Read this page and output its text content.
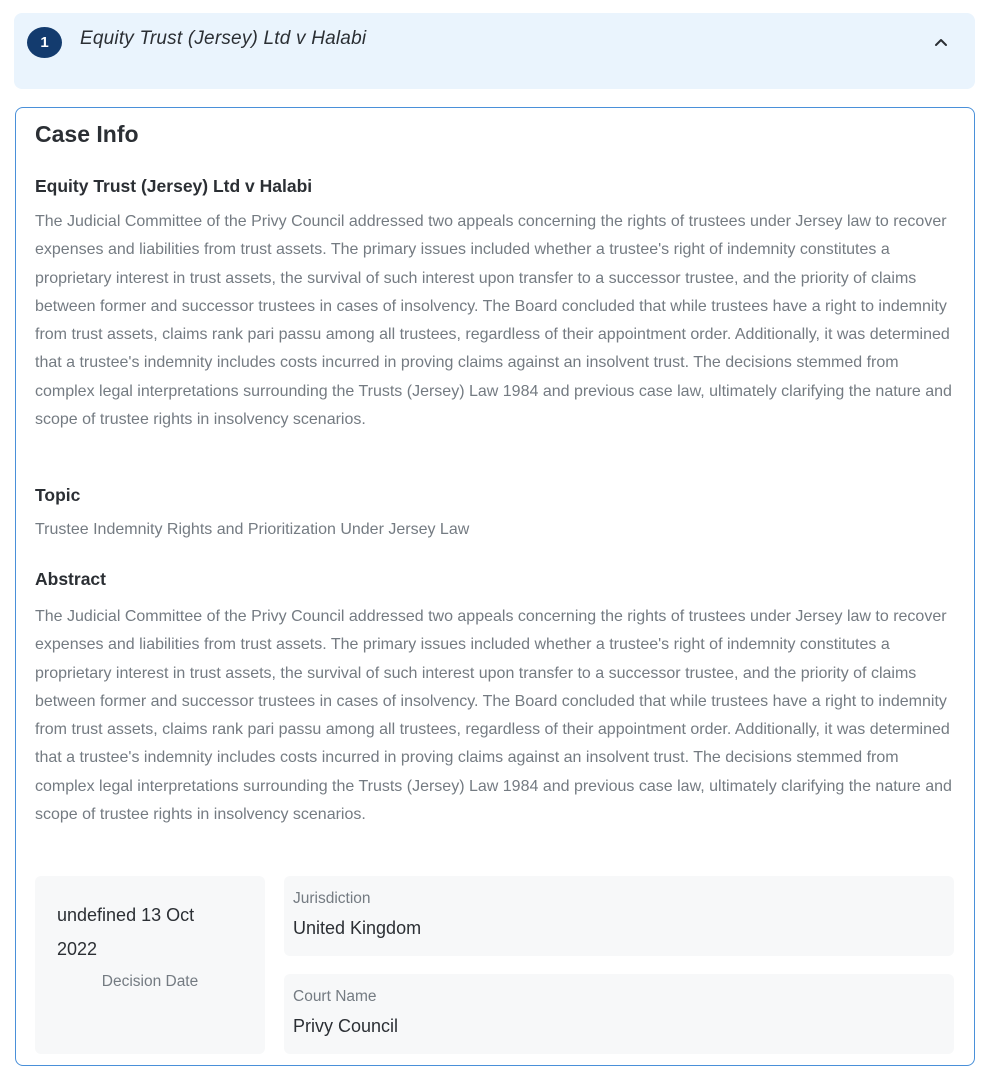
1	Equity Trust (Jersey) Ltd v Halabi
Case Info
Equity Trust (Jersey) Ltd v Halabi
The Judicial Committee of the Privy Council addressed two appeals concerning the rights of trustees under Jersey law to recover expenses and liabilities from trust assets. The primary issues included whether a trustee's right of indemnity constitutes a proprietary interest in trust assets, the survival of such interest upon transfer to a successor trustee, and the priority of claims between former and successor trustees in cases of insolvency. The Board concluded that while trustees have a right to indemnity from trust assets, claims rank pari passu among all trustees, regardless of their appointment order. Additionally, it was determined that a trustee's indemnity includes costs incurred in proving claims against an insolvent trust. The decisions stemmed from complex legal interpretations surrounding the Trusts (Jersey) Law 1984 and previous case law, ultimately clarifying the nature and scope of trustee rights in insolvency scenarios.
Topic
Trustee Indemnity Rights and Prioritization Under Jersey Law
Abstract
The Judicial Committee of the Privy Council addressed two appeals concerning the rights of trustees under Jersey law to recover expenses and liabilities from trust assets. The primary issues included whether a trustee's right of indemnity constitutes a proprietary interest in trust assets, the survival of such interest upon transfer to a successor trustee, and the priority of claims between former and successor trustees in cases of insolvency. The Board concluded that while trustees have a right to indemnity from trust assets, claims rank pari passu among all trustees, regardless of their appointment order. Additionally, it was determined that a trustee's indemnity includes costs incurred in proving claims against an insolvent trust. The decisions stemmed from complex legal interpretations surrounding the Trusts (Jersey) Law 1984 and previous case law, ultimately clarifying the nature and scope of trustee rights in insolvency scenarios.
undefined 13 Oct 2022
Decision Date
Jurisdiction
United Kingdom
Court Name
Privy Council
